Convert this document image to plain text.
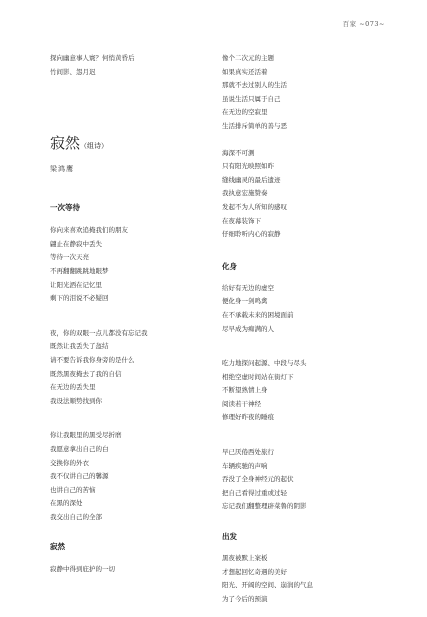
百家 ~073~
探向幽意事人寰？何悄黄昏后
竹间影、怨月迟
寂然（组诗）
梁鸿鹰
一次等待
你向来喜欢追掩我们的朋友
翩止在静寂中丢失
等待一次天亮
不再翻翻跳跳地眼梦
让阳光洒在记忆里
剩下的泪说不必疑回
夜，你的双眼一点儿都没有忘记我
既然让我丢失了盔结
请不要告诉我你身旁的是什么
既然黑夜掩去了我的自信
在无边的丢失里
我设法顺势找到你
你让我眼里的黑受尽折磨
我愿意拿出自己的白
交换你的外衣
我不仅讲自己的馨源
也讲自己的苦恼
在黑的深处
我交出自己的全部
寂然
寂静中得到庇护的一切
像个二次元的主题
如果真实还活着
那就不去过别人的生活
虽说生活只属于自己
在无边的空寂里
生活排斥简单的善与恶
海深不可测
只有阳光映照如昨
缝线幽灵的最后遗迹
我执意宏施赞奏
发起不为人所知的感叹
在夜幕装饰下
仔细聆听内心的寂静
化身
给好有无边的虚空
便化身一剑鸣禽
在不承载未来的困境面前
尽早成为痴满的人
吃力地探问起源、中段与尽头
相绝空虚时间站在街灯下
不断望熟情上身
阅读若干神经
修理好昨夜的睡痕
早已厌倦西处旅行
车辆疾驰的声响
吞没了全身神经元的起伏
把自己看得过重或过轻
忘记我们翻整理辟菜鲁的阴影
出发
黑夜被默上案板
才想起回忆奇遇的美好
阳光、开阔的空间、崩润的气息
为了今后的预演
